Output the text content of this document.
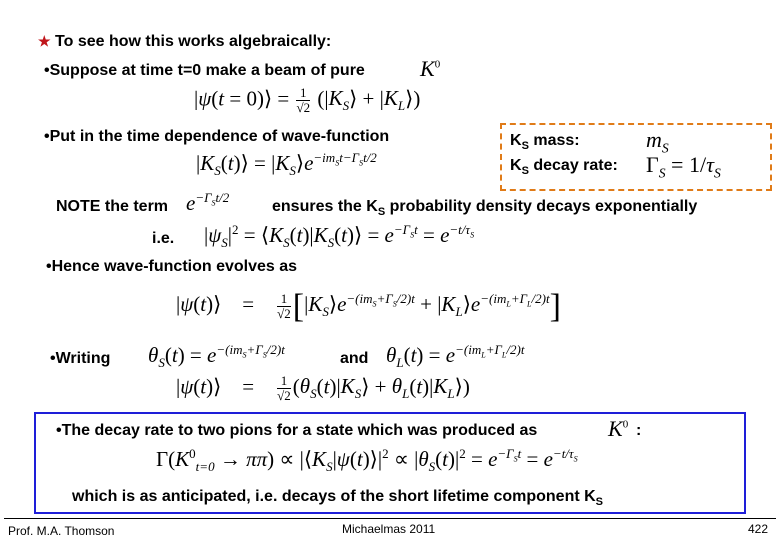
★ To see how this works algebraically:
•Suppose at time t=0 make a beam of pure	$K^0$
|ψ(t = 0)⟩ = $\frac{1}{√2}$ ($|K_S⟩$ + $|K_L⟩$)
•Put in the time dependence of wave-function
$|K_S(t)⟩$ = $|K_S⟩e^{-im_St-\Gamma_St/2}$
$K_S$ mass:	$m_S$
$K_S$ decay rate: $\Gamma_S = 1/\tau_S$
NOTE the term $e^{-\Gamma_St/2}$
ensures the $K_S$ probability density decays exponentially
i.e. $|\psi_S|^2$ = $⟨K_S(t)|K_S(t)⟩ = e^{-\Gamma_St} = e^{-t/\tau_S}$
•Hence wave-function evolves as
|ψ(t)⟩    = $\frac{1}{√2}$ [$|K_S⟩e^{-(im_S+\Gamma_S/2)t}$ + $|K_L⟩e^{-(im_L+\Gamma_L/2)t}$]
•Writing $\theta_S(t) = e^{-(im_S+\Gamma_S/2)t}$
and $\theta_L(t) = e^{-(im_L+\Gamma_L/2)t}$
|ψ(t)⟩    = $\frac{1}{√2}$ ($\theta_S(t)|K_S⟩$ + $\theta_L(t)|K_L⟩$)
•The decay rate to two pions for a state which was produced as	$K^0$ :
$\Gamma(K^0_{t=0} \to \pi\pi)$ ∝ $|⟨K_S|\psi(t)⟩|^2 \propto |\theta_S(t)|^2 = e^{-\Gamma_St} = e^{-t/\tau_S}$
which is as anticipated, i.e. decays of the short lifetime component $K_S$
Prof. M.A. Thomson	Michaelmas 2011	422
